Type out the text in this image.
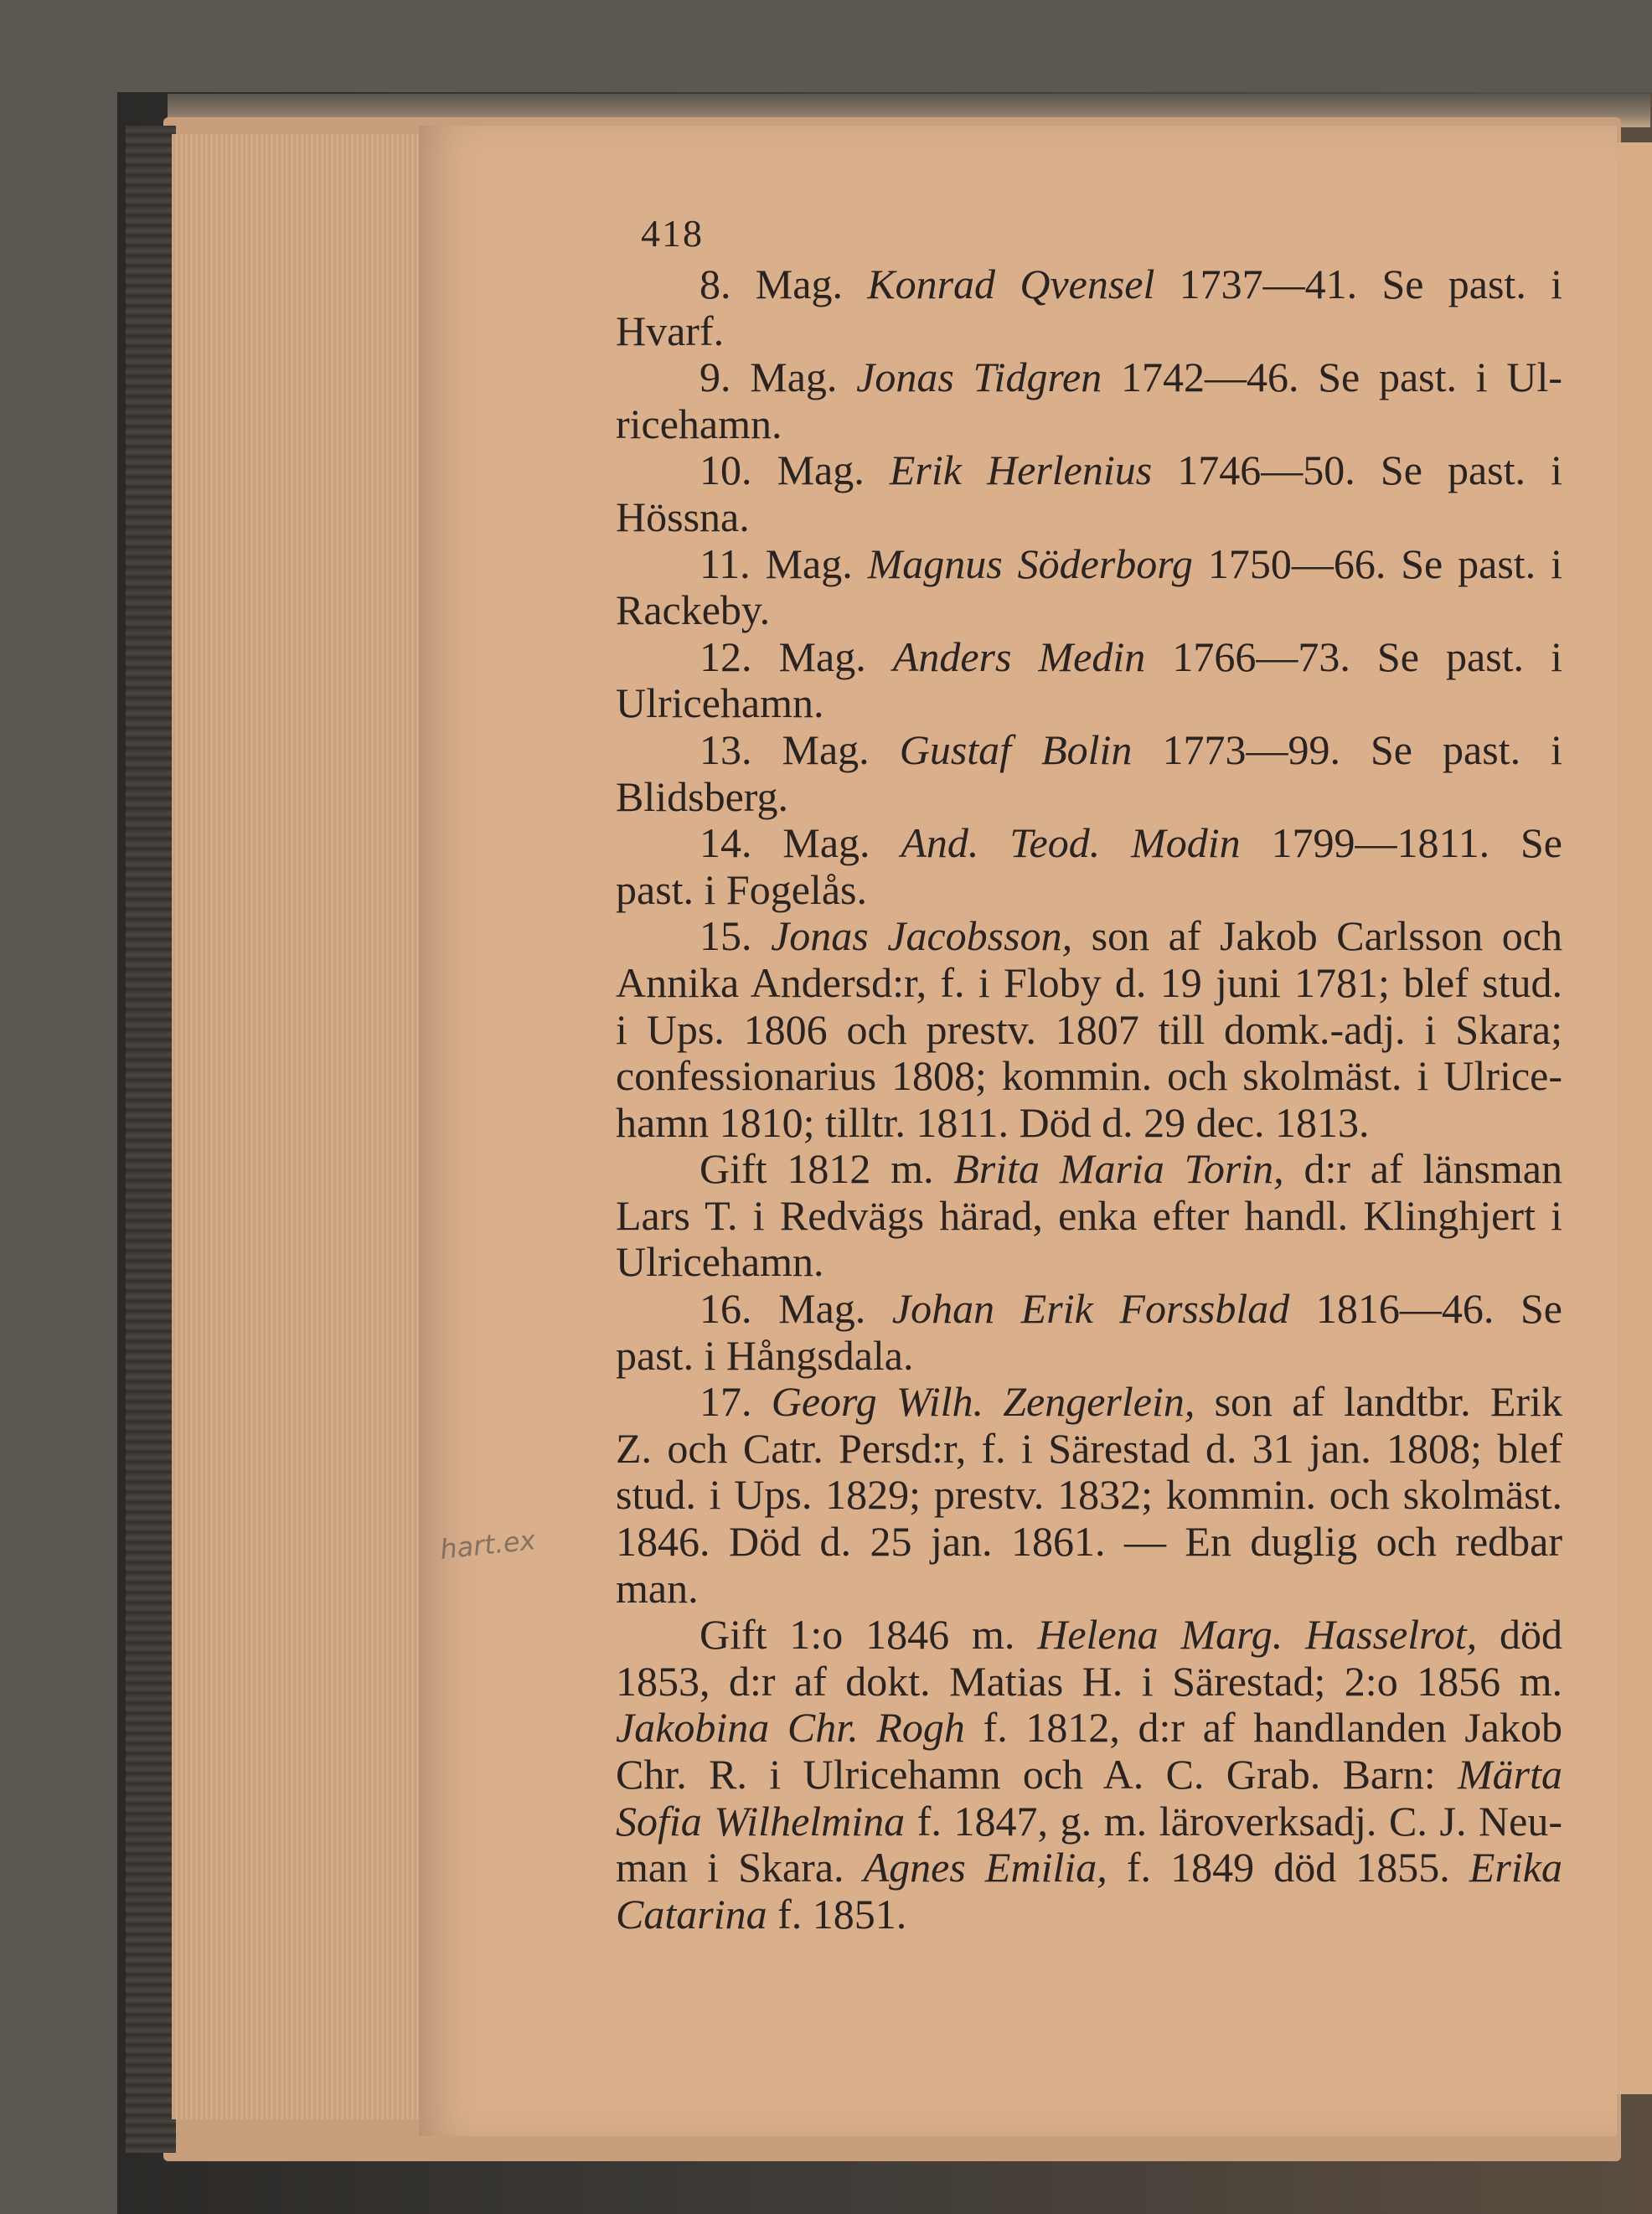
418
8. Mag. Konrad Qvensel 1737—41. Se past. i
Hvarf.
9. Mag. Jonas Tidgren 1742—46. Se past. i Ul-
ricehamn.
10. Mag. Erik Herlenius 1746—50. Se past. i
Hössna.
11. Mag. Magnus Söderborg 1750—66. Se past. i
Rackeby.
12. Mag. Anders Medin 1766—73. Se past. i
Ulricehamn.
13. Mag. Gustaf Bolin 1773—99. Se past. i
Blidsberg.
14. Mag. And. Teod. Modin 1799—1811. Se
past. i Fogelås.
15. Jonas Jacobsson, son af Jakob Carlsson och
Annika Andersd:r, f. i Floby d. 19 juni 1781; blef stud.
i Ups. 1806 och prestv. 1807 till domk.-adj. i Skara;
confessionarius 1808; kommin. och skolmäst. i Ulrice-
hamn 1810; tilltr. 1811. Död d. 29 dec. 1813.
Gift 1812 m. Brita Maria Torin, d:r af länsman
Lars T. i Redvägs härad, enka efter handl. Klinghjert i
Ulricehamn.
16. Mag. Johan Erik Forssblad 1816—46. Se
past. i Hångsdala.
17. Georg Wilh. Zengerlein, son af landtbr. Erik
Z. och Catr. Persd:r, f. i Särestad d. 31 jan. 1808; blef
stud. i Ups. 1829; prestv. 1832; kommin. och skolmäst.
1846. Död d. 25 jan. 1861. — En duglig och redbar
man.
Gift 1:o 1846 m. Helena Marg. Hasselrot, död
1853, d:r af dokt. Matias H. i Särestad; 2:o 1856 m.
Jakobina Chr. Rogh f. 1812, d:r af handlanden Jakob
Chr. R. i Ulricehamn och A. C. Grab. Barn: Märta
Sofia Wilhelmina f. 1847, g. m. läroverksadj. C. J. Neu-
man i Skara. Agnes Emilia, f. 1849 död 1855. Erika
Catarina f. 1851.
hart.ex
